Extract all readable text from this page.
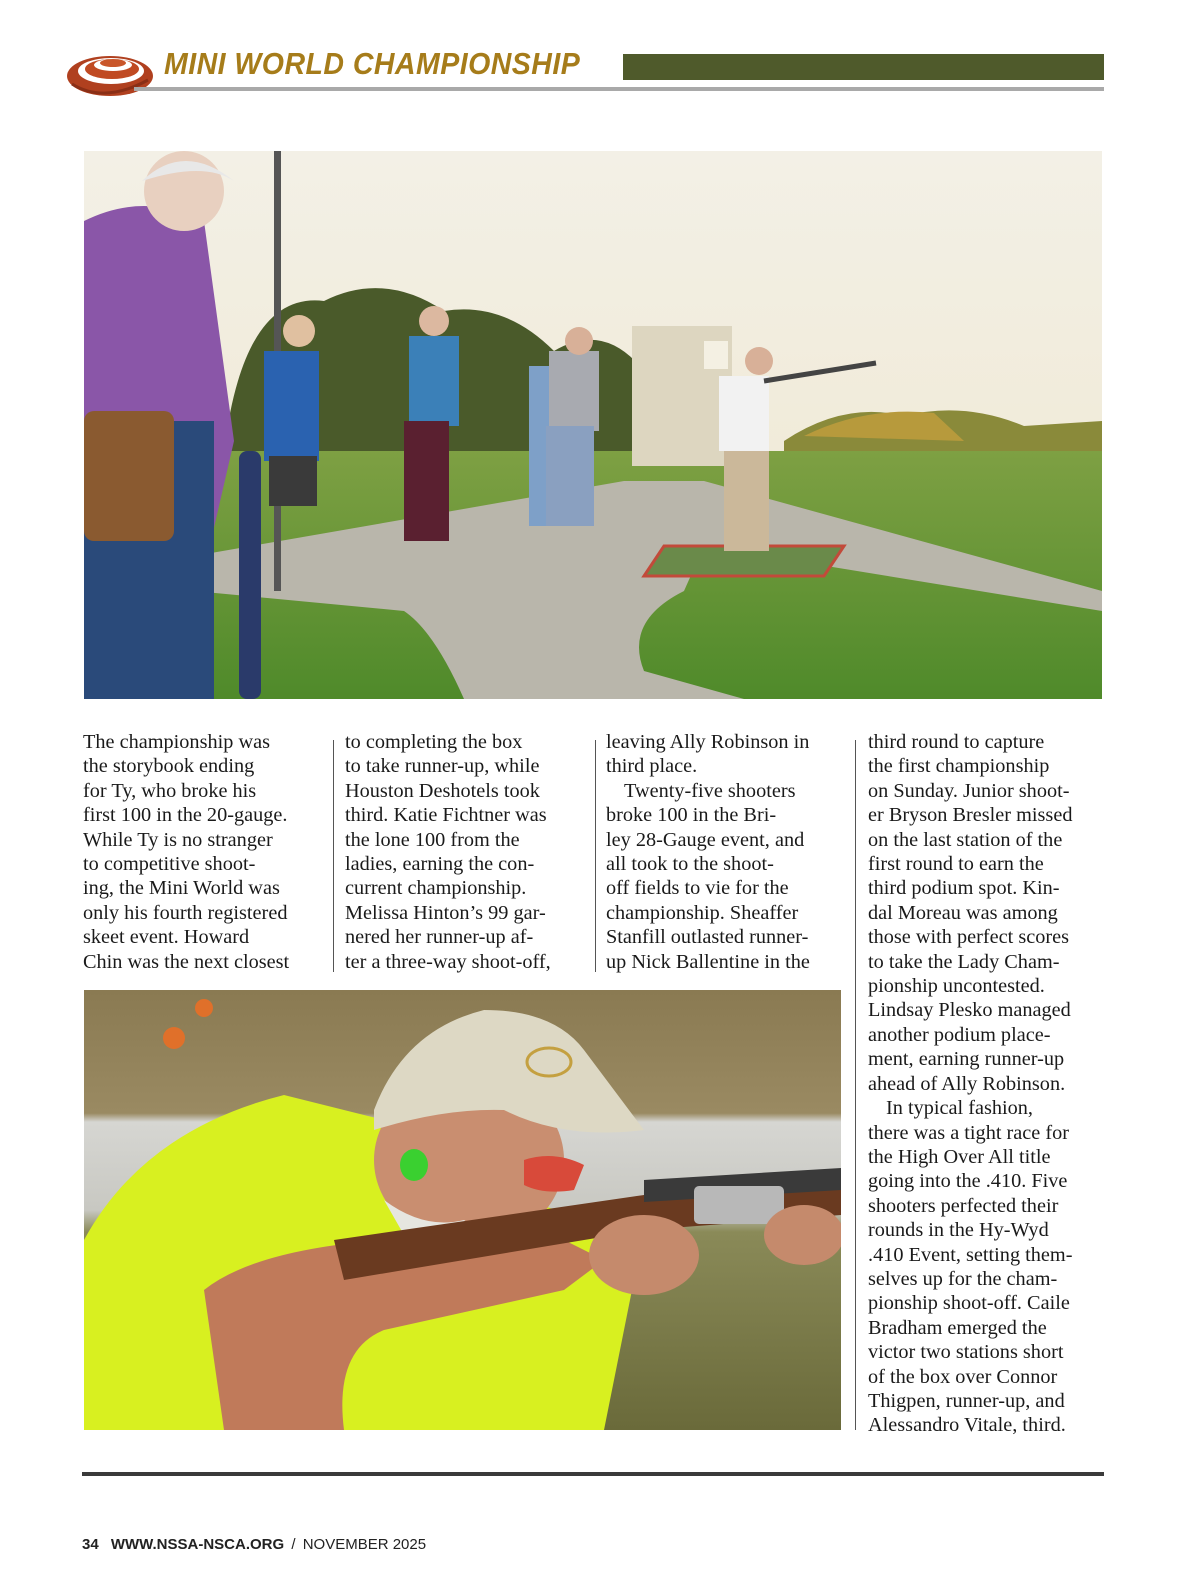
MINI WORLD CHAMPIONSHIP
The championship was
the storybook ending
for Ty, who broke his
first 100 in the 20-gauge.
While Ty is no stranger
to competitive shoot-
ing, the Mini World was
only his fourth registered
skeet event. Howard
Chin was the next closest
to completing the box
to take runner-up, while
Houston Deshotels took
third. Katie Fichtner was
the lone 100 from the
ladies, earning the con-
current championship.
Melissa Hinton’s 99 gar-
nered her runner-up af-
ter a three-way shoot-off,
leaving Ally Robinson in
third place.
Twenty-five shooters
broke 100 in the Bri-
ley 28-Gauge event, and
all took to the shoot-
off fields to vie for the
championship. Sheaffer
Stanfill outlasted runner-
up Nick Ballentine in the
third round to capture
the first championship
on Sunday. Junior shoot-
er Bryson Bresler missed
on the last station of the
first round to earn the
third podium spot. Kin-
dal Moreau was among
those with perfect scores
to take the Lady Cham-
pionship uncontested.
Lindsay Plesko managed
another podium place-
ment, earning runner-up
ahead of Ally Robinson.
In typical fashion,
there was a tight race for
the High Over All title
going into the .410. Five
shooters perfected their
rounds in the Hy-Wyd
.410 Event, setting them-
selves up for the cham-
pionship shoot-off. Caile
Bradham emerged the
victor two stations short
of the box over Connor
Thigpen, runner-up, and
Alessandro Vitale, third.
34 WWW.NSSA-NSCA.ORG / NOVEMBER 2025
